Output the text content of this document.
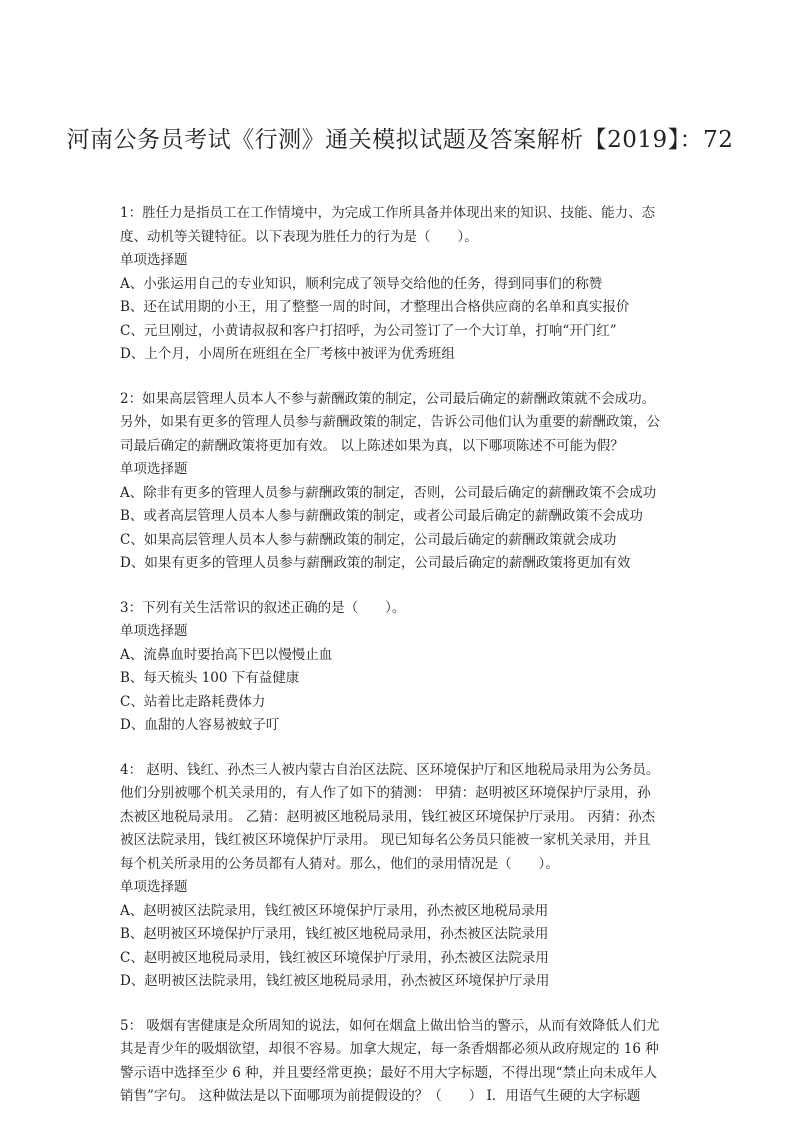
河南公务员考试《行测》通关模拟试题及答案解析【2019】：72
1：胜任力是指员工在工作情境中，为完成工作所具备并体现出来的知识、技能、能力、态
度、动机等关键特征。以下表现为胜任力的行为是（　　）。
单项选择题
A、小张运用自己的专业知识，顺利完成了领导交给他的任务，得到同事们的称赞
B、还在试用期的小王，用了整整一周的时间，才整理出合格供应商的名单和真实报价
C、元旦刚过，小黄请叔叔和客户打招呼，为公司签订了一个大订单，打响“开门红”
D、上个月，小周所在班组在全厂考核中被评为优秀班组
2：如果高层管理人员本人不参与薪酬政策的制定，公司最后确定的薪酬政策就不会成功。
另外，如果有更多的管理人员参与薪酬政策的制定，告诉公司他们认为重要的薪酬政策，公
司最后确定的薪酬政策将更加有效。 以上陈述如果为真，以下哪项陈述不可能为假？
单项选择题
A、除非有更多的管理人员参与薪酬政策的制定，否则，公司最后确定的薪酬政策不会成功
B、或者高层管理人员本人参与薪酬政策的制定，或者公司最后确定的薪酬政策不会成功
C、如果高层管理人员本人参与薪酬政策的制定，公司最后确定的薪酬政策就会成功
D、如果有更多的管理人员参与薪酬政策的制定，公司最后确定的薪酬政策将更加有效
3：下列有关生活常识的叙述正确的是（　　）。
单项选择题
A、流鼻血时要抬高下巴以慢慢止血
B、每天梳头 100 下有益健康
C、站着比走路耗费体力
D、血甜的人容易被蚊子叮
4： 赵明、钱红、孙杰三人被内蒙古自治区法院、区环境保护厅和区地税局录用为公务员。
他们分别被哪个机关录用的，有人作了如下的猜测： 甲猜：赵明被区环境保护厅录用，孙
杰被区地税局录用。 乙猜：赵明被区地税局录用，钱红被区环境保护厅录用。 丙猜：孙杰
被区法院录用，钱红被区环境保护厅录用。 现已知每名公务员只能被一家机关录用，并且
每个机关所录用的公务员都有人猜对。那么，他们的录用情况是（　　）。
单项选择题
A、赵明被区法院录用，钱红被区环境保护厅录用，孙杰被区地税局录用
B、赵明被区环境保护厅录用，钱红被区地税局录用，孙杰被区法院录用
C、赵明被区地税局录用，钱红被区环境保护厅录用，孙杰被区法院录用
D、赵明被区法院录用，钱红被区地税局录用，孙杰被区环境保护厅录用
5： 吸烟有害健康是众所周知的说法，如何在烟盒上做出恰当的警示，从而有效降低人们尤
其是青少年的吸烟欲望，却很不容易。加拿大规定，每一条香烟都必须从政府规定的 16 种
警示语中选择至少 6 种，并且要经常更换；最好不用大字标题，不得出现“禁止向未成年人
销售”字句。 这种做法是以下面哪项为前提假设的？（　　） I．用语气生硬的大字标题
